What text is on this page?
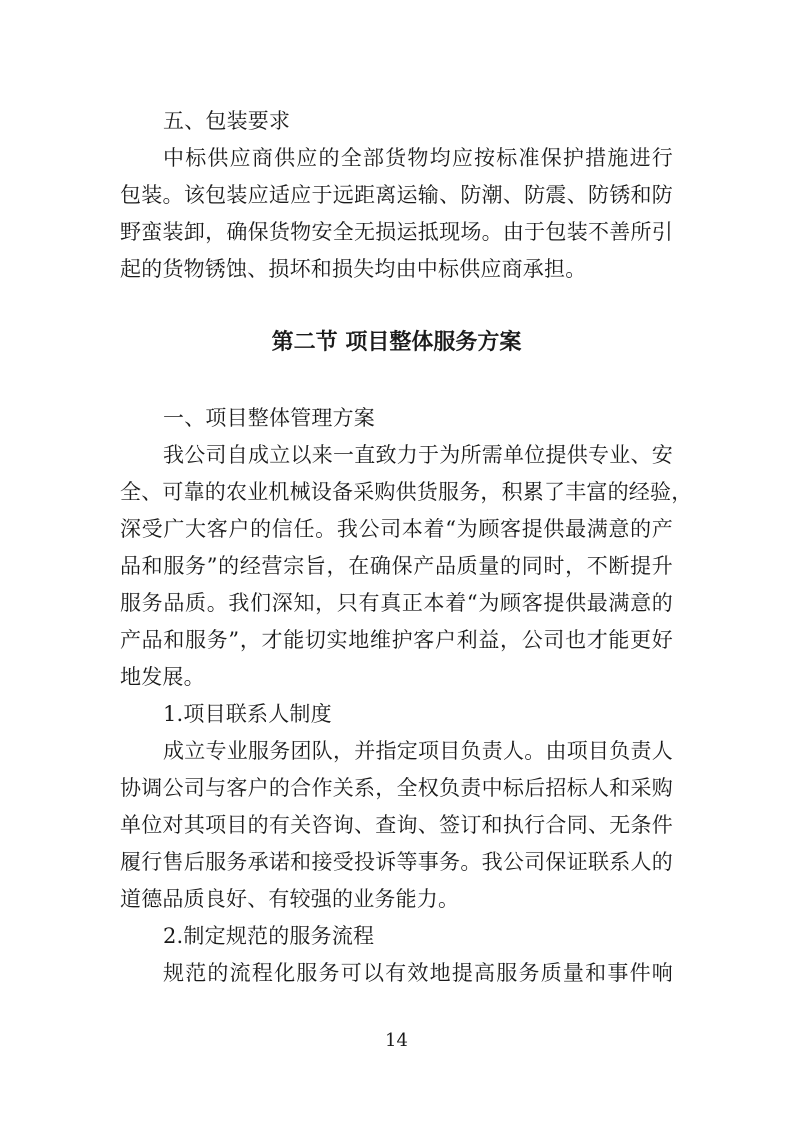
五、包装要求
中标供应商供应的全部货物均应按标准保护措施进行
包装。该包装应适应于远距离运输、防潮、防震、防锈和防
野蛮装卸，确保货物安全无损运抵现场。由于包装不善所引
起的货物锈蚀、损坏和损失均由中标供应商承担。
第二节 项目整体服务方案
一、项目整体管理方案
我公司自成立以来一直致力于为所需单位提供专业、安
全、可靠的农业机械设备采购供货服务，积累了丰富的经验，
深受广大客户的信任。我公司本着“为顾客提供最满意的产
品和服务”的经营宗旨，在确保产品质量的同时，不断提升
服务品质。我们深知，只有真正本着“为顾客提供最满意的
产品和服务”，才能切实地维护客户利益，公司也才能更好
地发展。
1.项目联系人制度
成立专业服务团队，并指定项目负责人。由项目负责人
协调公司与客户的合作关系，全权负责中标后招标人和采购
单位对其项目的有关咨询、查询、签订和执行合同、无条件
履行售后服务承诺和接受投诉等事务。我公司保证联系人的
道德品质良好、有较强的业务能力。
2.制定规范的服务流程
规范的流程化服务可以有效地提高服务质量和事件响
14
